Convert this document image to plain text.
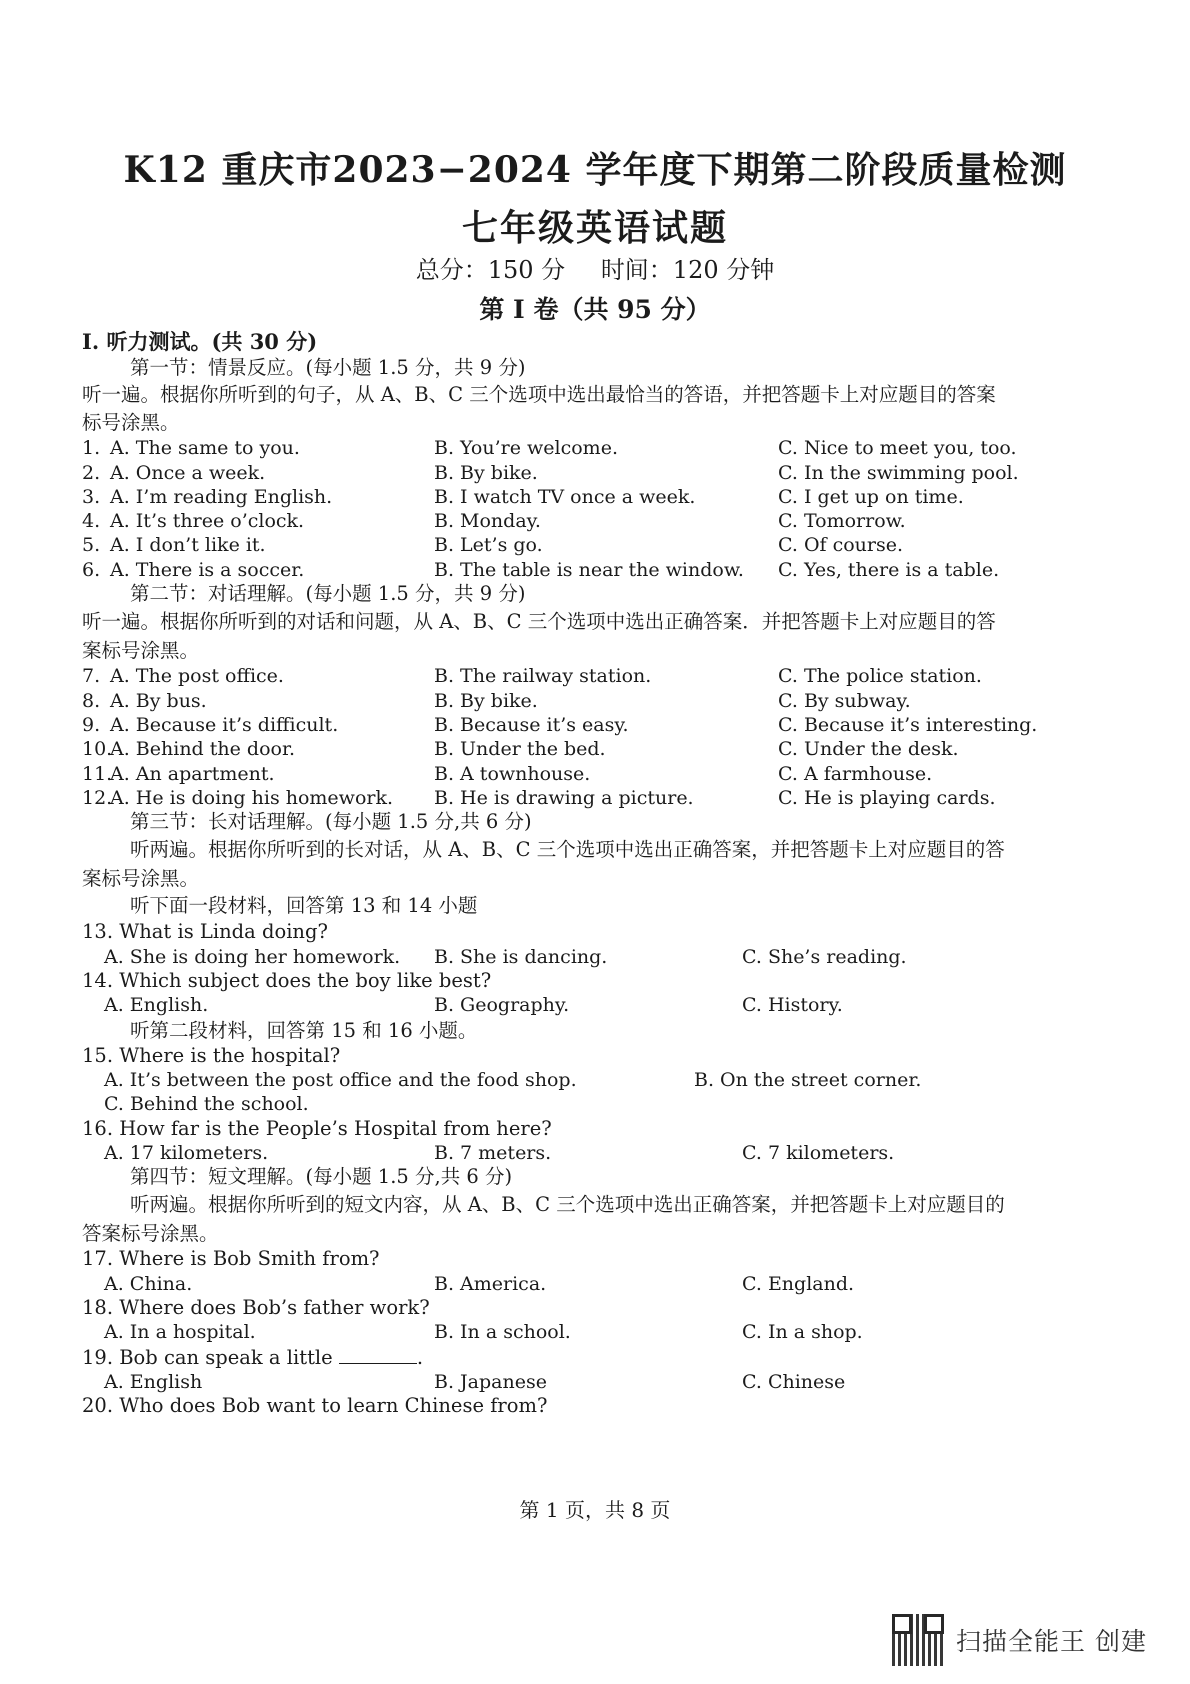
K12 重庆市2023−2024 学年度下期第二阶段质量检测
七年级英语试题
总分：150 分 时间：120 分钟
第 I 卷（共 95 分）
I. 听力测试。(共 30 分)
第一节：情景反应。(每小题 1.5 分，共 9 分)
听一遍。根据你所听到的句子，从 A、B、C 三个选项中选出最恰当的答语，并把答题卡上对应题目的答案
标号涂黑。
1. A. The same to you.	B. You’re welcome.	C. Nice to meet you, too.
2. A. Once a week.	B. By bike.	C. In the swimming pool.
3. A. I’m reading English.	B. I watch TV once a week.	C. I get up on time.
4. A. It’s three o’clock.	B. Monday.	C. Tomorrow.
5. A. I don’t like it.	B. Let’s go.	C. Of course.
6. A. There is a soccer.	B. The table is near the window. C. Yes, there is a table.
第二节：对话理解。(每小题 1.5 分，共 9 分)
听一遍。根据你所听到的对话和问题，从 A、B、C 三个选项中选出正确答案．并把答题卡上对应题目的答
案标号涂黑。
7. A. The post office.	B. The railway station.	C. The police station.
8. A. By bus.	B. By bike.	C. By subway.
9. A. Because it’s difficult.	B. Because it’s easy.	C. Because it’s interesting.
10.
A. Behind the door.	B. Under the bed.	C. Under the desk.
11.
A. An apartment.	B. A townhouse.	C. A farmhouse.
12.
A. He is doing his homework. B. He is drawing a picture.	C. He is playing cards.
第三节：长对话理解。(每小题 1.5 分,共 6 分)
听两遍。根据你所听到的长对话，从 A、B、C 三个选项中选出正确答案，并把答题卡上对应题目的答
案标号涂黑。
听下面一段材料，回答第 13 和 14 小题
13. What is Linda doing?
A. She is doing her homework. B. She is dancing.	C. She’s reading.
14. Which subject does the boy like best?
A. English.	B. Geography.	C. History.
听第二段材料，回答第 15 和 16 小题。
15. Where is the hospital?
A. It’s between the post office and the food shop.	B. On the street corner.
C. Behind the school.
16. How far is the People’s Hospital from here?
A. 17 kilometers.	B. 7 meters.	C. 7 kilometers.
第四节：短文理解。(每小题 1.5 分,共 6 分)
听两遍。根据你所听到的短文内容，从 A、B、C 三个选项中选出正确答案，并把答题卡上对应题目的
答案标号涂黑。
17. Where is Bob Smith from?
A. China.	B. America.	C. England.
18. Where does Bob’s father work?
A. In a hospital.	B. In a school.	C. In a shop.
19. Bob can speak a little	.
A. English	B. Japanese	C. Chinese
20. Who does Bob want to learn Chinese from?
第 1 页，共 8 页
扫描全能王 创建
